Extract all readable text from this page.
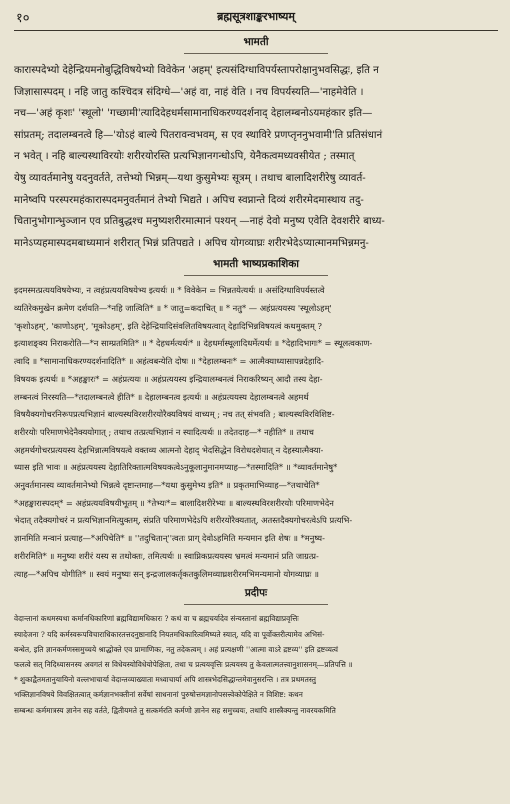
१०	ब्रह्मसूत्रशाङ्करभाष्यम्
भामती
कारास्पदेभ्यो देहेन्द्रियमनोबुद्धिविषयेभ्यो विवेकेन 'अहम्' इत्यसंदिग्धाविपर्यस्तापरोक्षानुभवसिद्धः, इति न
जिज्ञासास्पदम् । नहि जातु कश्चिदत्र संदिग्धे—'अहं वा, नाहं वेति । नच विपर्यस्यति—'नाहमेवेति ।
नच—'अहं कृशः' 'स्थूलो' 'गच्छामी'त्यादिदेहधर्मसामानाधिकरण्यदर्शनाद् देहालम्बनोऽयमहंकार इति—
सांप्रतम्; तदालम्बनत्वे हि—'योऽहं बाल्ये पितरावन्वभवम्, स एव स्थाविरे प्रणप्तृननुभवामी'ति प्रतिसंधानं
न भवेत् । नहि बाल्यस्थाविरयोः शरीरयोरस्ति प्रत्यभिज्ञानगन्धोऽपि, येनैकत्वमध्यवसीयेत ; तस्मात्
येषु व्यावर्तमानेषु यदनुवर्तते, तत्तेभ्यो भिन्नम्—यथा कुसुमेभ्यः सूत्रम् । तथाच बालादिशरीरेषु व्यावर्त-
मानेष्वपि परस्परमहंकारास्पदमनुवर्तमानं तेभ्यो भिद्यते । अपिच स्वप्नान्ते दिव्यं शरीरमेदमास्थाय तदु-
चितानुभोगान्भुञ्जान एव प्रतिबुद्धश्च मनुष्यशरीरमात्मानं पश्यन् —नाहं देवो मनुष्य एवेति देवशरीरे बाध्य-
मानेऽप्यहमास्पदमबाध्यमानं शरीरात् भिन्नं प्रतिपद्यते । अपिच योगव्याघ्रः शरीरभेदेऽप्यात्मानमभिन्नमनु-
भामती भाष्यप्रकाशिका
इदमस्मत्प्रत्ययविषयेभ्यः, न त्वहंप्रत्ययविषयेभ्य इत्यर्थः ॥ * विवेकेन = भिन्नतयेत्यर्थः ॥ असंदिग्धाविपर्यस्तत्वे
व्यतिरेकमुखेन क्रमेण दर्शयति—*नहि जात्विति* ॥ * जातु=कदाचित् ॥ * नतु* — अहंप्रत्ययस्य 'स्थूलोऽहम्'
'कृशोऽहम्', 'काणोऽहम्', 'मूकोऽहम्', इति देहेन्द्रियादिसंवलितविषयत्वात् देहादिभिन्नविषयत्वं कथमुक्तम् ?
इत्याशङ्क्य निराकरोति—*न साम्प्रतमिति* ॥ * देहधर्मत्यर्थः* ॥ देहधर्मास्थूलादिधर्मेत्यर्थः ॥ *देहादिभागः* = स्थूलत्वकाण-
त्वादि ॥ *सामानाधिकरण्यदर्शनादिति* ॥ अहंत्वबन्येति दोषः ॥ *देहालम्बनः* = आत्मैक्याध्यासापन्नदेहादि-
विषयक इत्यर्थः ॥ *अहङ्कारः* = अहंप्रत्ययः ॥ अहंप्रत्ययस्य इन्द्रियालम्बनत्वं निराकरिष्यन् आदौ तस्य देहा-
लम्बनत्वं निरस्यति—*तदालम्बनत्वे हीति* ॥ देहालम्बनत्व इत्यर्थः ॥ अहंप्रत्ययस्य देहालम्बनत्वे अहमर्थ
विषयैक्यगोचरनिरूपप्रत्यभिज्ञानं बाल्यस्थविरशरीरयोरैक्यविषयं वाच्यम् ; नच तत् संभवति ; बाल्यस्थविरविशिष्ट-
शरीरयोः परिमाणभेदेनैक्ययोगात् ; तथाच तत्प्रत्यभिज्ञानं न स्यादित्यर्थः ॥ तदेतदाह—* नहीति* ॥ तथाच
अहमर्थगोचरप्रत्ययस्य देहभिन्नात्मविषयत्वे वक्तव्य आत्मनो देहाद् भेदसिद्धेन विरोधदशेयात् न देहस्यात्मैक्या-
ध्यास इति भावः ॥ अहंप्रत्ययस्य देहातिरिक्तात्मविषयकत्वेऽनुकूलानुमानमप्याह—*तस्मादिति* ॥ *व्यावर्तमानेषु*
अनुवर्तमानस्य व्यावर्तमानेभ्यो भिन्नत्वे दृष्टान्तमाह—*यथा कुसुमेभ्य इति* ॥ प्रकृतमाभिव्याह—*तथाचेति*
*अहङ्कारास्पदम्* = अहंप्रत्ययविषयीभूतम् ॥ *तेभ्यः*= बालादिशरीरेभ्यः ॥ बाल्यस्थविरशरीरयोः परिमाणभेदेन
भेदात् तदैक्यगोचरं न प्रत्यभिज्ञानमित्युक्तम्, संप्रति परिमाणभेदेऽपि शरीरयोरैक्यतात्, अतस्तदैक्यगोचरत्वेऽपि प्रत्यभि-
ज्ञानमिति मन्वानं प्रत्याह—*अपिचेति* ॥ ''तदुचितान्''त्वतः प्राग् देवोऽहमिति मन्यमान इति शेषः ॥ *मनुष्य-
शरीरमिति* ॥ मनुष्यः शरीरं यस्य स तथोक्तः, तमित्यर्थः ॥ स्वाप्निकप्रत्ययस्य भ्रमत्वं मन्यमानं प्रति जाग्रत्प्र-
त्याह—*अपिच योगीति* ॥ स्वयं मनुष्यः सन् इन्द्रजालकर्तृकतकुलिमव्याघ्रशरीरमभिमन्यमानो योगव्याघ्रः ॥
प्रदीपः
वेदान्तानां कथमस्यथा कर्मानधिकारिणां ब्रह्मविद्यामधिकारः ? कथं वा च ब्रह्मचर्यादेव संन्यस्तानां ब्रह्मविद्याप्रवृत्तिः
स्यादेजना ? यदि कर्मस्वरूपविचाराधिकारतत्तदनुष्ठानादि नियतमधिकारित्वमिष्यते स्यात्, यदि वा पूर्वोक्तरीत्यामेव अभिसं-
बन्धेत, इति ज्ञानकर्मणस्समुच्चये श्राद्धोक्ते एव प्रामाणिकः, नतु तदेकत्वम् । अहं प्रत्यक्षणी ''आत्मा वाऽरे द्रष्टव्य'' इति द्रष्टव्यत्वं
फलत्वे सत् निदिध्यासनस्य अवगतं स विधेयस्योविधेयोपेक्षिता, तथा च प्रत्ययवृत्तिः प्रत्ययस्य तु केवलात्मतत्त्वानुशासनम्—प्रतिपत्ति ॥
* शुकाद्वैतमतानुयायिनो वल्लभाचार्या वेदान्तव्याख्याता मध्वाचार्या अपि शास्त्रभेदसिद्धान्तमेवानुसरन्ति । तत्र प्रथमतस्तु
भक्तिज्ञानविषये विवक्षितत्वात् कर्मज्ञानभक्तीनां सर्वेषां साधनानां पुरुषोत्तमज्ञानोपसत्त्वेकोपेक्षिते न विशिष्ट: कथन
सम्बन्धः कर्ममात्रस्य ज्ञानेन सह वर्तते, द्वितीयमते तु सत्कर्मरति कर्मणो ज्ञानेन सह समुच्चयः, तथापि शास्त्रैक्यन्तु नावरयकमिति
